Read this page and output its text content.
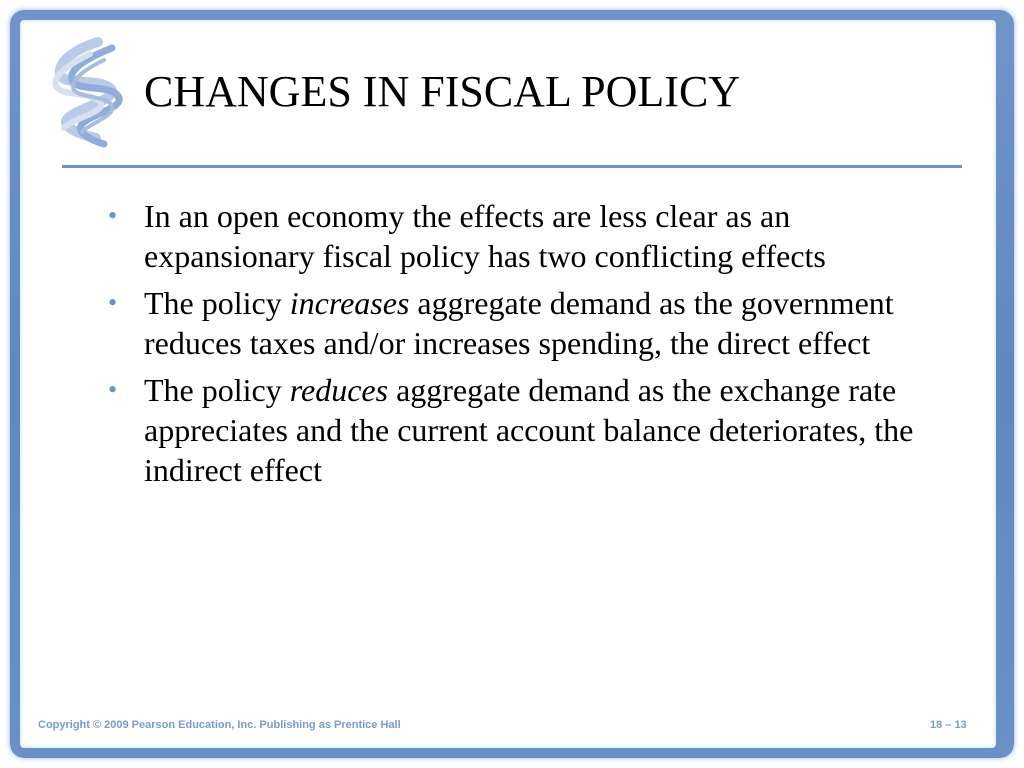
CHANGES IN FISCAL POLICY
• In an open economy the effects are less clear as an expansionary fiscal policy has two conflicting effects
• The policy increases aggregate demand as the government reduces taxes and/or increases spending, the direct effect
• The policy reduces aggregate demand as the exchange rate appreciates and the current account balance deteriorates, the indirect effect
Copyright © 2009 Pearson Education, Inc. Publishing as Prentice Hall	18 – 13
